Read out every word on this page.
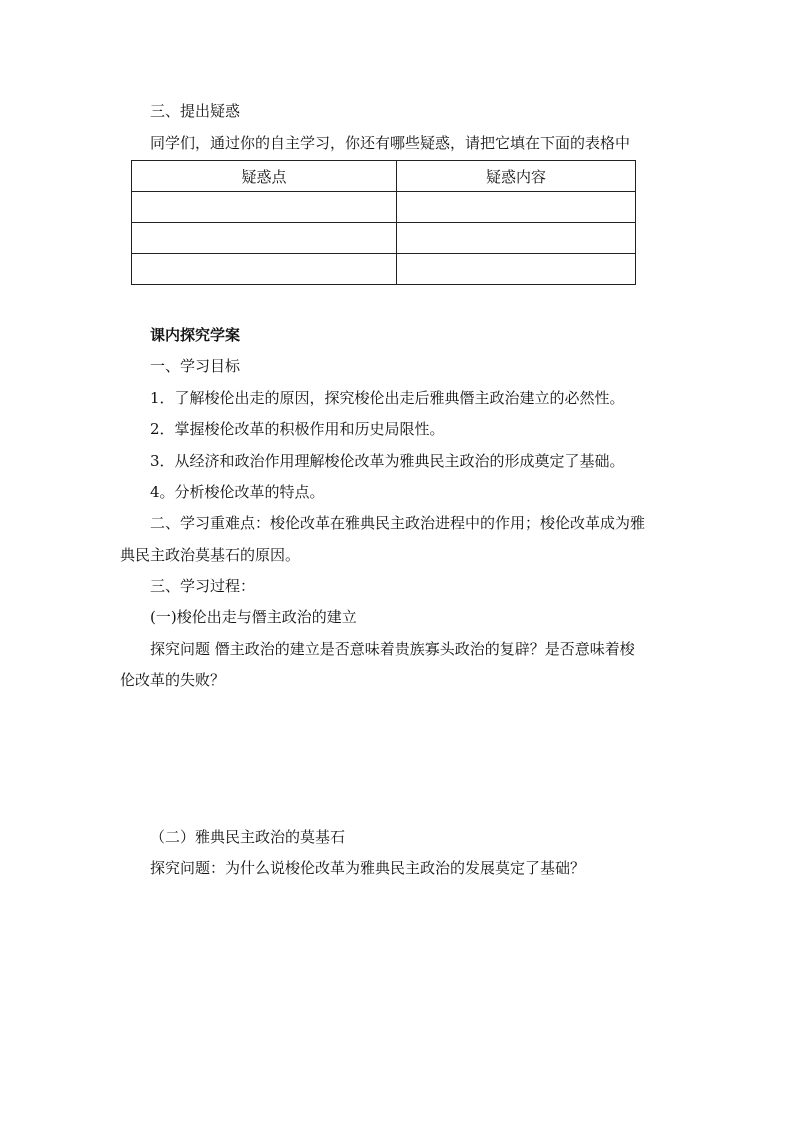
三、提出疑惑
同学们，通过你的自主学习，你还有哪些疑惑，请把它填在下面的表格中
疑惑点	疑惑内容

课内探究学案
一、学习目标
1．了解梭伦出走的原因，探究梭伦出走后雅典僭主政治建立的必然性。
2．掌握梭伦改革的积极作用和历史局限性。
3．从经济和政治作用理解梭伦改革为雅典民主政治的形成奠定了基础。
4。分析梭伦改革的特点。
二、学习重难点：梭伦改革在雅典民主政治进程中的作用；梭伦改革成为雅
典民主政治莫基石的原因。
三、学习过程：
(一)梭伦出走与僭主政治的建立
探究问题 僭主政治的建立是否意味着贵族寡头政治的复辟？是否意味着梭
伦改革的失败？
（二）雅典民主政治的莫基石
探究问题：为什么说梭伦改革为雅典民主政治的发展莫定了基础？
